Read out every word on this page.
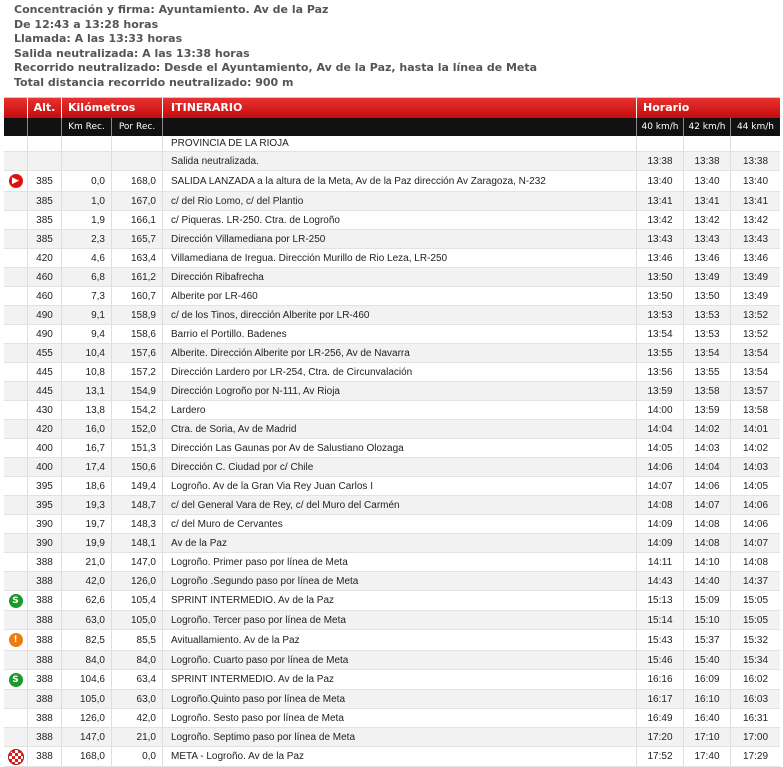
Concentración y firma: Ayuntamiento. Av de la Paz
De 12:43 a 13:28 horas
Llamada: A las 13:33 horas
Salida neutralizada: A las 13:38 horas
Recorrido neutralizado: Desde el Ayuntamiento, Av de la Paz, hasta la línea de Meta
Total distancia recorrido neutralizado: 900 m
Alt.	Kilómetros	ITINERARIO	Horario
Km Rec.	Por Rec.	40 km/h	42 km/h	44 km/h
PROVINCIA DE LA RIOJA
Salida neutralizada.	13:38	13:38	13:38
▶	385	0,0	168,0	SALIDA LANZADA a la altura de la Meta, Av de la Paz dirección Av Zaragoza, N-232	13:40	13:40	13:40
385	1,0	167,0	c/ del Rio Lomo, c/ del Plantio	13:41	13:41	13:41
385	1,9	166,1	c/ Piqueras. LR-250. Ctra. de Logroño	13:42	13:42	13:42
385	2,3	165,7	Dirección Villamediana por LR-250	13:43	13:43	13:43
420	4,6	163,4	Villamediana de Iregua. Dirección Murillo de Rio Leza, LR-250	13:46	13:46	13:46
460	6,8	161,2	Dirección Ribafrecha	13:50	13:49	13:49
460	7,3	160,7	Alberite por LR-460	13:50	13:50	13:49
490	9,1	158,9	c/ de los Tinos, dirección Alberite por LR-460	13:53	13:53	13:52
490	9,4	158,6	Barrio el Portillo. Badenes	13:54	13:53	13:52
455	10,4	157,6	Alberite. Dirección Alberite por LR-256, Av de Navarra	13:55	13:54	13:54
445	10,8	157,2	Dirección Lardero por LR-254, Ctra. de Circunvalación	13:56	13:55	13:54
445	13,1	154,9	Dirección Logroño por N-111, Av Rioja	13:59	13:58	13:57
430	13,8	154,2	Lardero	14:00	13:59	13:58
420	16,0	152,0	Ctra. de Soria, Av de Madrid	14:04	14:02	14:01
400	16,7	151,3	Dirección Las Gaunas por Av de Salustiano Olozaga	14:05	14:03	14:02
400	17,4	150,6	Dirección C. Ciudad por c/ Chile	14:06	14:04	14:03
395	18,6	149,4	Logroño. Av de la Gran Via Rey Juan Carlos I	14:07	14:06	14:05
395	19,3	148,7	c/ del General Vara de Rey, c/ del Muro del Carmén	14:08	14:07	14:06
390	19,7	148,3	c/ del Muro de Cervantes	14:09	14:08	14:06
390	19,9	148,1	Av de la Paz	14:09	14:08	14:07
388	21,0	147,0	Logroño. Primer paso por línea de Meta	14:11	14:10	14:08
388	42,0	126,0	Logroño .Segundo paso por línea de Meta	14:43	14:40	14:37
S	388	62,6	105,4	SPRINT INTERMEDIO. Av de la Paz	15:13	15:09	15:05
388	63,0	105,0	Logroño. Tercer paso por línea de Meta	15:14	15:10	15:05
!	388	82,5	85,5	Avituallamiento. Av de la Paz	15:43	15:37	15:32
388	84,0	84,0	Logroño. Cuarto paso por línea de Meta	15:46	15:40	15:34
S	388	104,6	63,4	SPRINT INTERMEDIO. Av de la Paz	16:16	16:09	16:02
388	105,0	63,0	Logroño.Quinto paso por línea de Meta	16:17	16:10	16:03
388	126,0	42,0	Logroño. Sesto paso por línea de Meta	16:49	16:40	16:31
388	147,0	21,0	Logroño. Septimo paso por línea de Meta	17:20	17:10	17:00
388	168,0	0,0	META - Logroño. Av de la Paz	17:52	17:40	17:29
